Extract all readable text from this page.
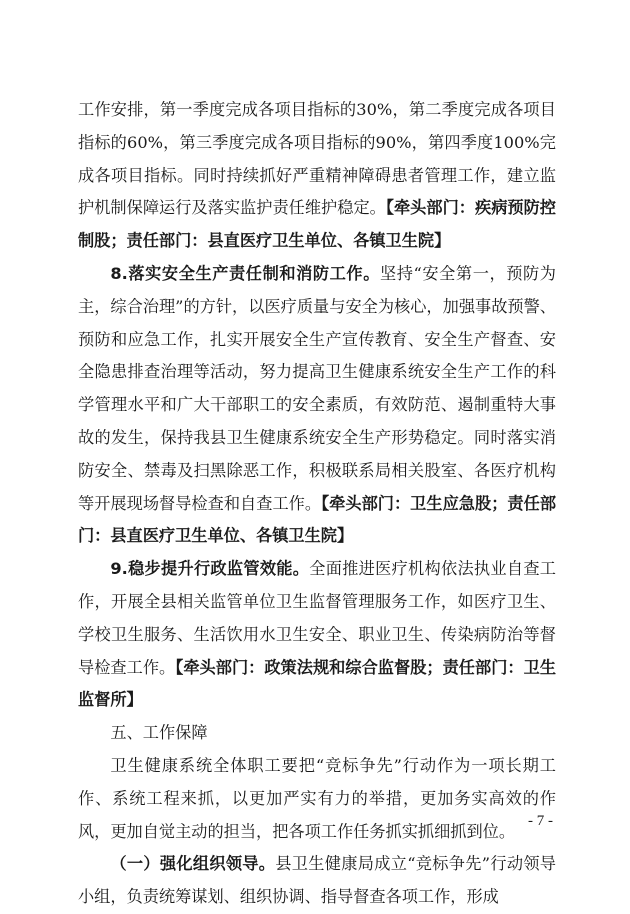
工作安排，第一季度完成各项目指标的30%，第二季度完成各项目指标的60%，第三季度完成各项目指标的90%，第四季度100%完成各项目指标。同时持续抓好严重精神障碍患者管理工作，建立监护机制保障运行及落实监护责任维护稳定。【牵头部门：疾病预防控制股；责任部门：县直医疗卫生单位、各镇卫生院】

8.落实安全生产责任制和消防工作。坚持“安全第一，预防为主，综合治理”的方针，以医疗质量与安全为核心，加强事故预警、预防和应急工作，扎实开展安全生产宣传教育、安全生产督查、安全隐患排查治理等活动，努力提高卫生健康系统安全生产工作的科学管理水平和广大干部职工的安全素质，有效防范、遏制重特大事故的发生，保持我县卫生健康系统安全生产形势稳定。同时落实消防安全、禁毒及扫黑除恶工作，积极联系局相关股室、各医疗机构等开展现场督导检查和自查工作。【牵头部门：卫生应急股；责任部门：县直医疗卫生单位、各镇卫生院】

9.稳步提升行政监管效能。全面推进医疗机构依法执业自查工作，开展全县相关监管单位卫生监督管理服务工作，如医疗卫生、学校卫生服务、生活饮用水卫生安全、职业卫生、传染病防治等督导检查工作。【牵头部门：政策法规和综合监督股；责任部门：卫生监督所】

五、工作保障

卫生健康系统全体职工要把“竞标争先”行动作为一项长期工作、系统工程来抓，以更加严实有力的举措，更加务实高效的作风，更加自觉主动的担当，把各项工作任务抓实抓细抓到位。

（一）强化组织领导。县卫生健康局成立“竞标争先”行动领导小组，负责统筹谋划、组织协调、指导督查各项工作，形成

- 7 -
